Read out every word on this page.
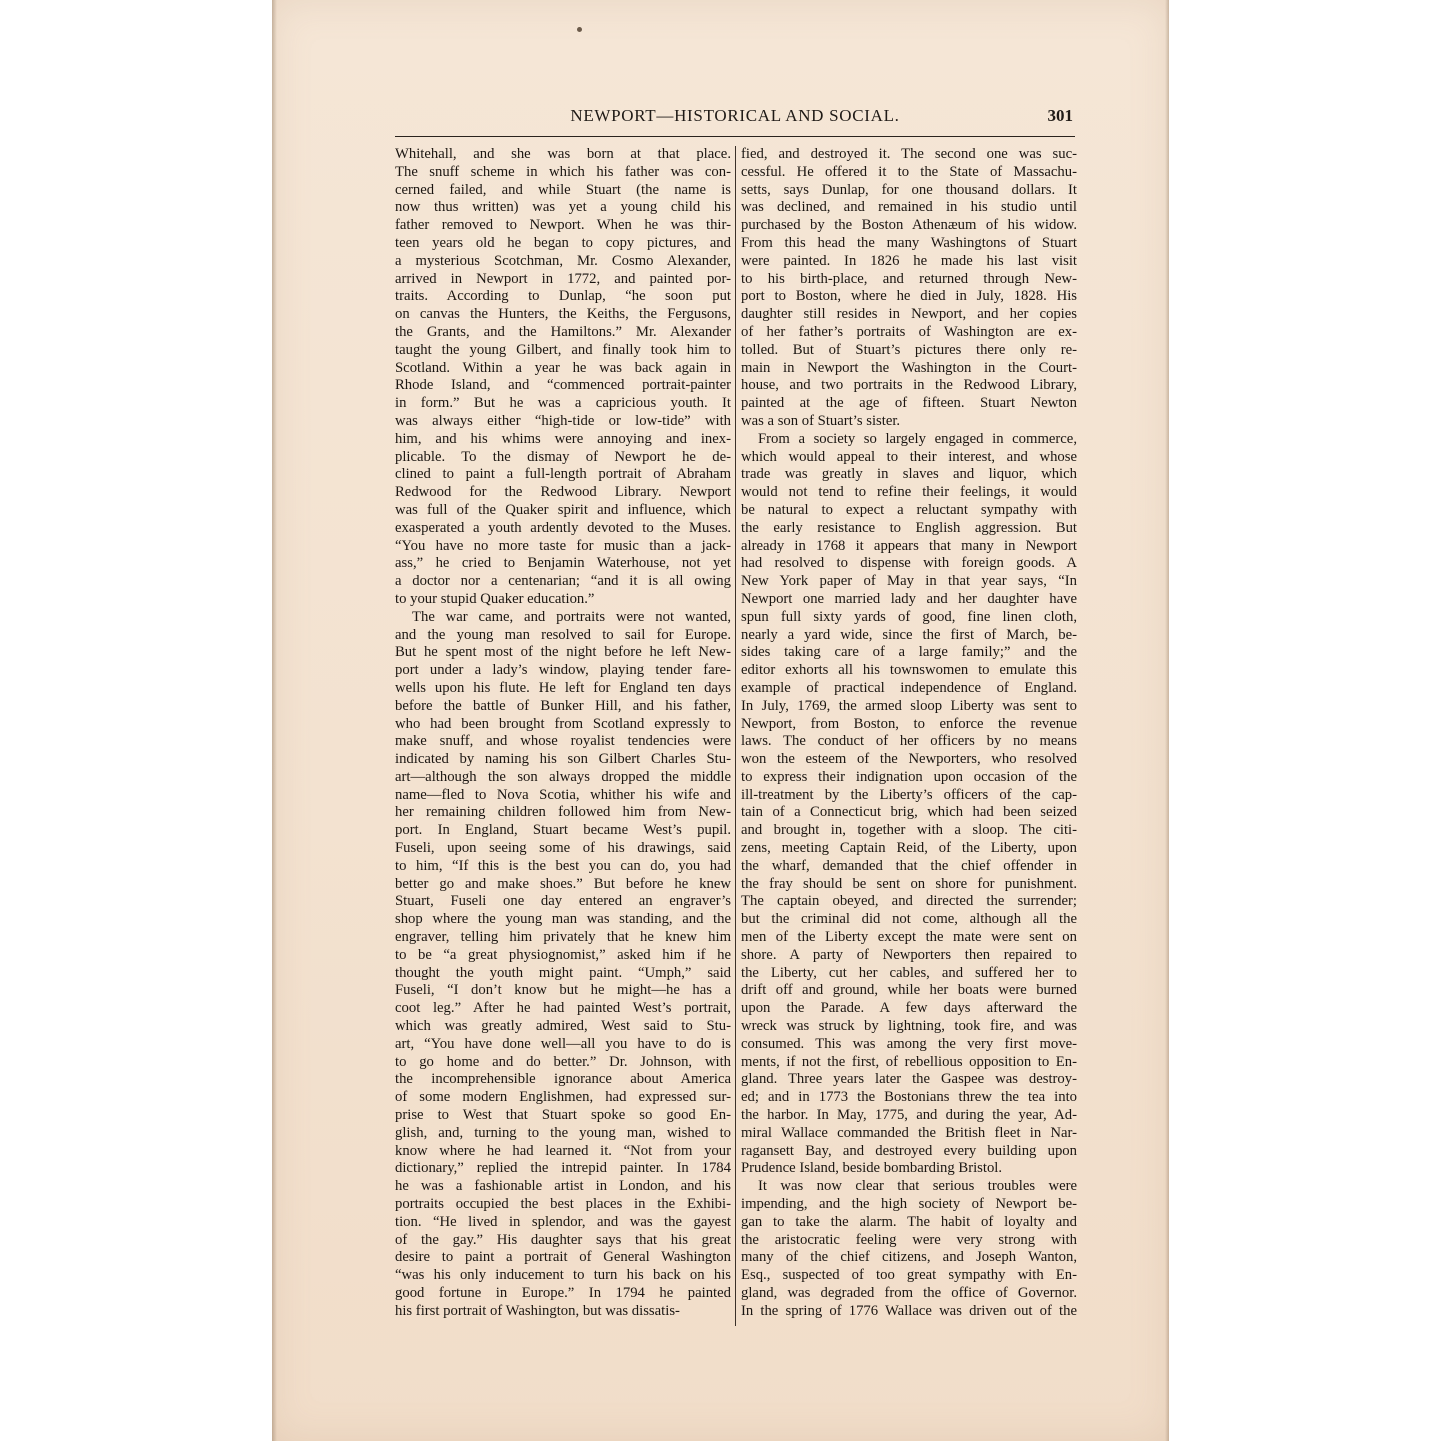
NEWPORT—HISTORICAL AND SOCIAL.	301
Whitehall, and she was born at that place.
The snuff scheme in which his father was con-
cerned failed, and while Stuart (the name is
now thus written) was yet a young child his
father removed to Newport. When he was thir-
teen years old he began to copy pictures, and
a mysterious Scotchman, Mr. Cosmo Alexander,
arrived in Newport in 1772, and painted por-
traits. According to Dunlap, “he soon put
on canvas the Hunters, the Keiths, the Fergusons,
the Grants, and the Hamiltons.” Mr. Alexander
taught the young Gilbert, and finally took him to
Scotland. Within a year he was back again in
Rhode Island, and “commenced portrait-painter
in form.” But he was a capricious youth. It
was always either “high-tide or low-tide” with
him, and his whims were annoying and inex-
plicable. To the dismay of Newport he de-
clined to paint a full-length portrait of Abraham
Redwood for the Redwood Library. Newport
was full of the Quaker spirit and influence, which
exasperated a youth ardently devoted to the Muses.
“You have no more taste for music than a jack-
ass,” he cried to Benjamin Waterhouse, not yet
a doctor nor a centenarian; “and it is all owing
to your stupid Quaker education.”
The war came, and portraits were not wanted,
and the young man resolved to sail for Europe.
But he spent most of the night before he left New-
port under a lady’s window, playing tender fare-
wells upon his flute. He left for England ten days
before the battle of Bunker Hill, and his father,
who had been brought from Scotland expressly to
make snuff, and whose royalist tendencies were
indicated by naming his son Gilbert Charles Stu-
art—although the son always dropped the middle
name—fled to Nova Scotia, whither his wife and
her remaining children followed him from New-
port. In England, Stuart became West’s pupil.
Fuseli, upon seeing some of his drawings, said
to him, “If this is the best you can do, you had
better go and make shoes.” But before he knew
Stuart, Fuseli one day entered an engraver’s
shop where the young man was standing, and the
engraver, telling him privately that he knew him
to be “a great physiognomist,” asked him if he
thought the youth might paint. “Umph,” said
Fuseli, “I don’t know but he might—he has a
coot leg.” After he had painted West’s portrait,
which was greatly admired, West said to Stu-
art, “You have done well—all you have to do is
to go home and do better.” Dr. Johnson, with
the incomprehensible ignorance about America
of some modern Englishmen, had expressed sur-
prise to West that Stuart spoke so good En-
glish, and, turning to the young man, wished to
know where he had learned it. “Not from your
dictionary,” replied the intrepid painter. In 1784
he was a fashionable artist in London, and his
portraits occupied the best places in the Exhibi-
tion. “He lived in splendor, and was the gayest
of the gay.” His daughter says that his great
desire to paint a portrait of General Washington
“was his only inducement to turn his back on his
good fortune in Europe.” In 1794 he painted
his first portrait of Washington, but was dissatis-
fied, and destroyed it. The second one was suc-
cessful. He offered it to the State of Massachu-
setts, says Dunlap, for one thousand dollars. It
was declined, and remained in his studio until
purchased by the Boston Athenæum of his widow.
From this head the many Washingtons of Stuart
were painted. In 1826 he made his last visit
to his birth-place, and returned through New-
port to Boston, where he died in July, 1828. His
daughter still resides in Newport, and her copies
of her father’s portraits of Washington are ex-
tolled. But of Stuart’s pictures there only re-
main in Newport the Washington in the Court-
house, and two portraits in the Redwood Library,
painted at the age of fifteen. Stuart Newton
was a son of Stuart’s sister.
From a society so largely engaged in commerce,
which would appeal to their interest, and whose
trade was greatly in slaves and liquor, which
would not tend to refine their feelings, it would
be natural to expect a reluctant sympathy with
the early resistance to English aggression. But
already in 1768 it appears that many in Newport
had resolved to dispense with foreign goods. A
New York paper of May in that year says, “In
Newport one married lady and her daughter have
spun full sixty yards of good, fine linen cloth,
nearly a yard wide, since the first of March, be-
sides taking care of a large family;” and the
editor exhorts all his townswomen to emulate this
example of practical independence of England.
In July, 1769, the armed sloop Liberty was sent to
Newport, from Boston, to enforce the revenue
laws. The conduct of her officers by no means
won the esteem of the Newporters, who resolved
to express their indignation upon occasion of the
ill-treatment by the Liberty’s officers of the cap-
tain of a Connecticut brig, which had been seized
and brought in, together with a sloop. The citi-
zens, meeting Captain Reid, of the Liberty, upon
the wharf, demanded that the chief offender in
the fray should be sent on shore for punishment.
The captain obeyed, and directed the surrender;
but the criminal did not come, although all the
men of the Liberty except the mate were sent on
shore. A party of Newporters then repaired to
the Liberty, cut her cables, and suffered her to
drift off and ground, while her boats were burned
upon the Parade. A few days afterward the
wreck was struck by lightning, took fire, and was
consumed. This was among the very first move-
ments, if not the first, of rebellious opposition to En-
gland. Three years later the Gaspee was destroy-
ed; and in 1773 the Bostonians threw the tea into
the harbor. In May, 1775, and during the year, Ad-
miral Wallace commanded the British fleet in Nar-
ragansett Bay, and destroyed every building upon
Prudence Island, beside bombarding Bristol.
It was now clear that serious troubles were
impending, and the high society of Newport be-
gan to take the alarm. The habit of loyalty and
the aristocratic feeling were very strong with
many of the chief citizens, and Joseph Wanton,
Esq., suspected of too great sympathy with En-
gland, was degraded from the office of Governor.
In the spring of 1776 Wallace was driven out of the
